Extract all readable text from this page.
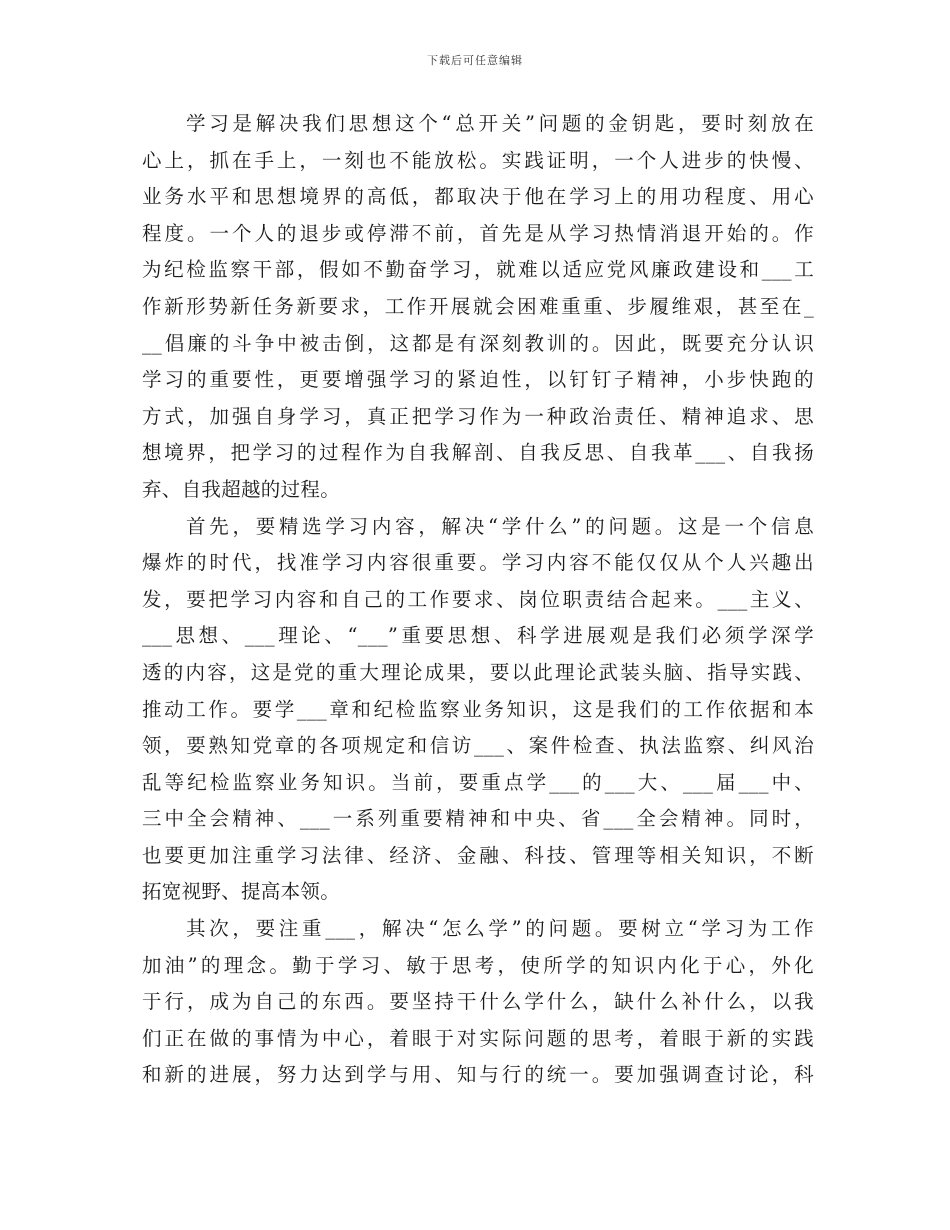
下载后可任意编辑
学习是解决我们思想这个“总开关”问题的金钥匙，要时刻放在
心上，抓在手上，一刻也不能放松。实践证明，一个人进步的快慢、
业务水平和思想境界的高低，都取决于他在学习上的用功程度、用心
程度。一个人的退步或停滞不前，首先是从学习热情消退开始的。作
为纪检监察干部，假如不勤奋学习，就难以适应党风廉政建设和___工
作新形势新任务新要求，工作开展就会困难重重、步履维艰，甚至在_
__倡廉的斗争中被击倒，这都是有深刻教训的。因此，既要充分认识
学习的重要性，更要增强学习的紧迫性，以钉钉子精神，小步快跑的
方式，加强自身学习，真正把学习作为一种政治责任、精神追求、思
想境界，把学习的过程作为自我解剖、自我反思、自我革___、自我扬
弃、自我超越的过程。
首先，要精选学习内容，解决“学什么”的问题。这是一个信息
爆炸的时代，找准学习内容很重要。学习内容不能仅仅从个人兴趣出
发，要把学习内容和自己的工作要求、岗位职责结合起来。___主义、
___思想、___理论、“___”重要思想、科学进展观是我们必须学深学
透的内容，这是党的重大理论成果，要以此理论武装头脑、指导实践、
推动工作。要学___章和纪检监察业务知识，这是我们的工作依据和本
领，要熟知党章的各项规定和信访___、案件检查、执法监察、纠风治
乱等纪检监察业务知识。当前，要重点学___的___大、___届___中、
三中全会精神、___一系列重要精神和中央、省___全会精神。同时，
也要更加注重学习法律、经济、金融、科技、管理等相关知识，不断
拓宽视野、提高本领。
其次，要注重___，解决“怎么学”的问题。要树立“学习为工作
加油”的理念。勤于学习、敏于思考，使所学的知识内化于心，外化
于行，成为自己的东西。要坚持干什么学什么，缺什么补什么，以我
们正在做的事情为中心，着眼于对实际问题的思考，着眼于新的实践
和新的进展，努力达到学与用、知与行的统一。要加强调查讨论，科
